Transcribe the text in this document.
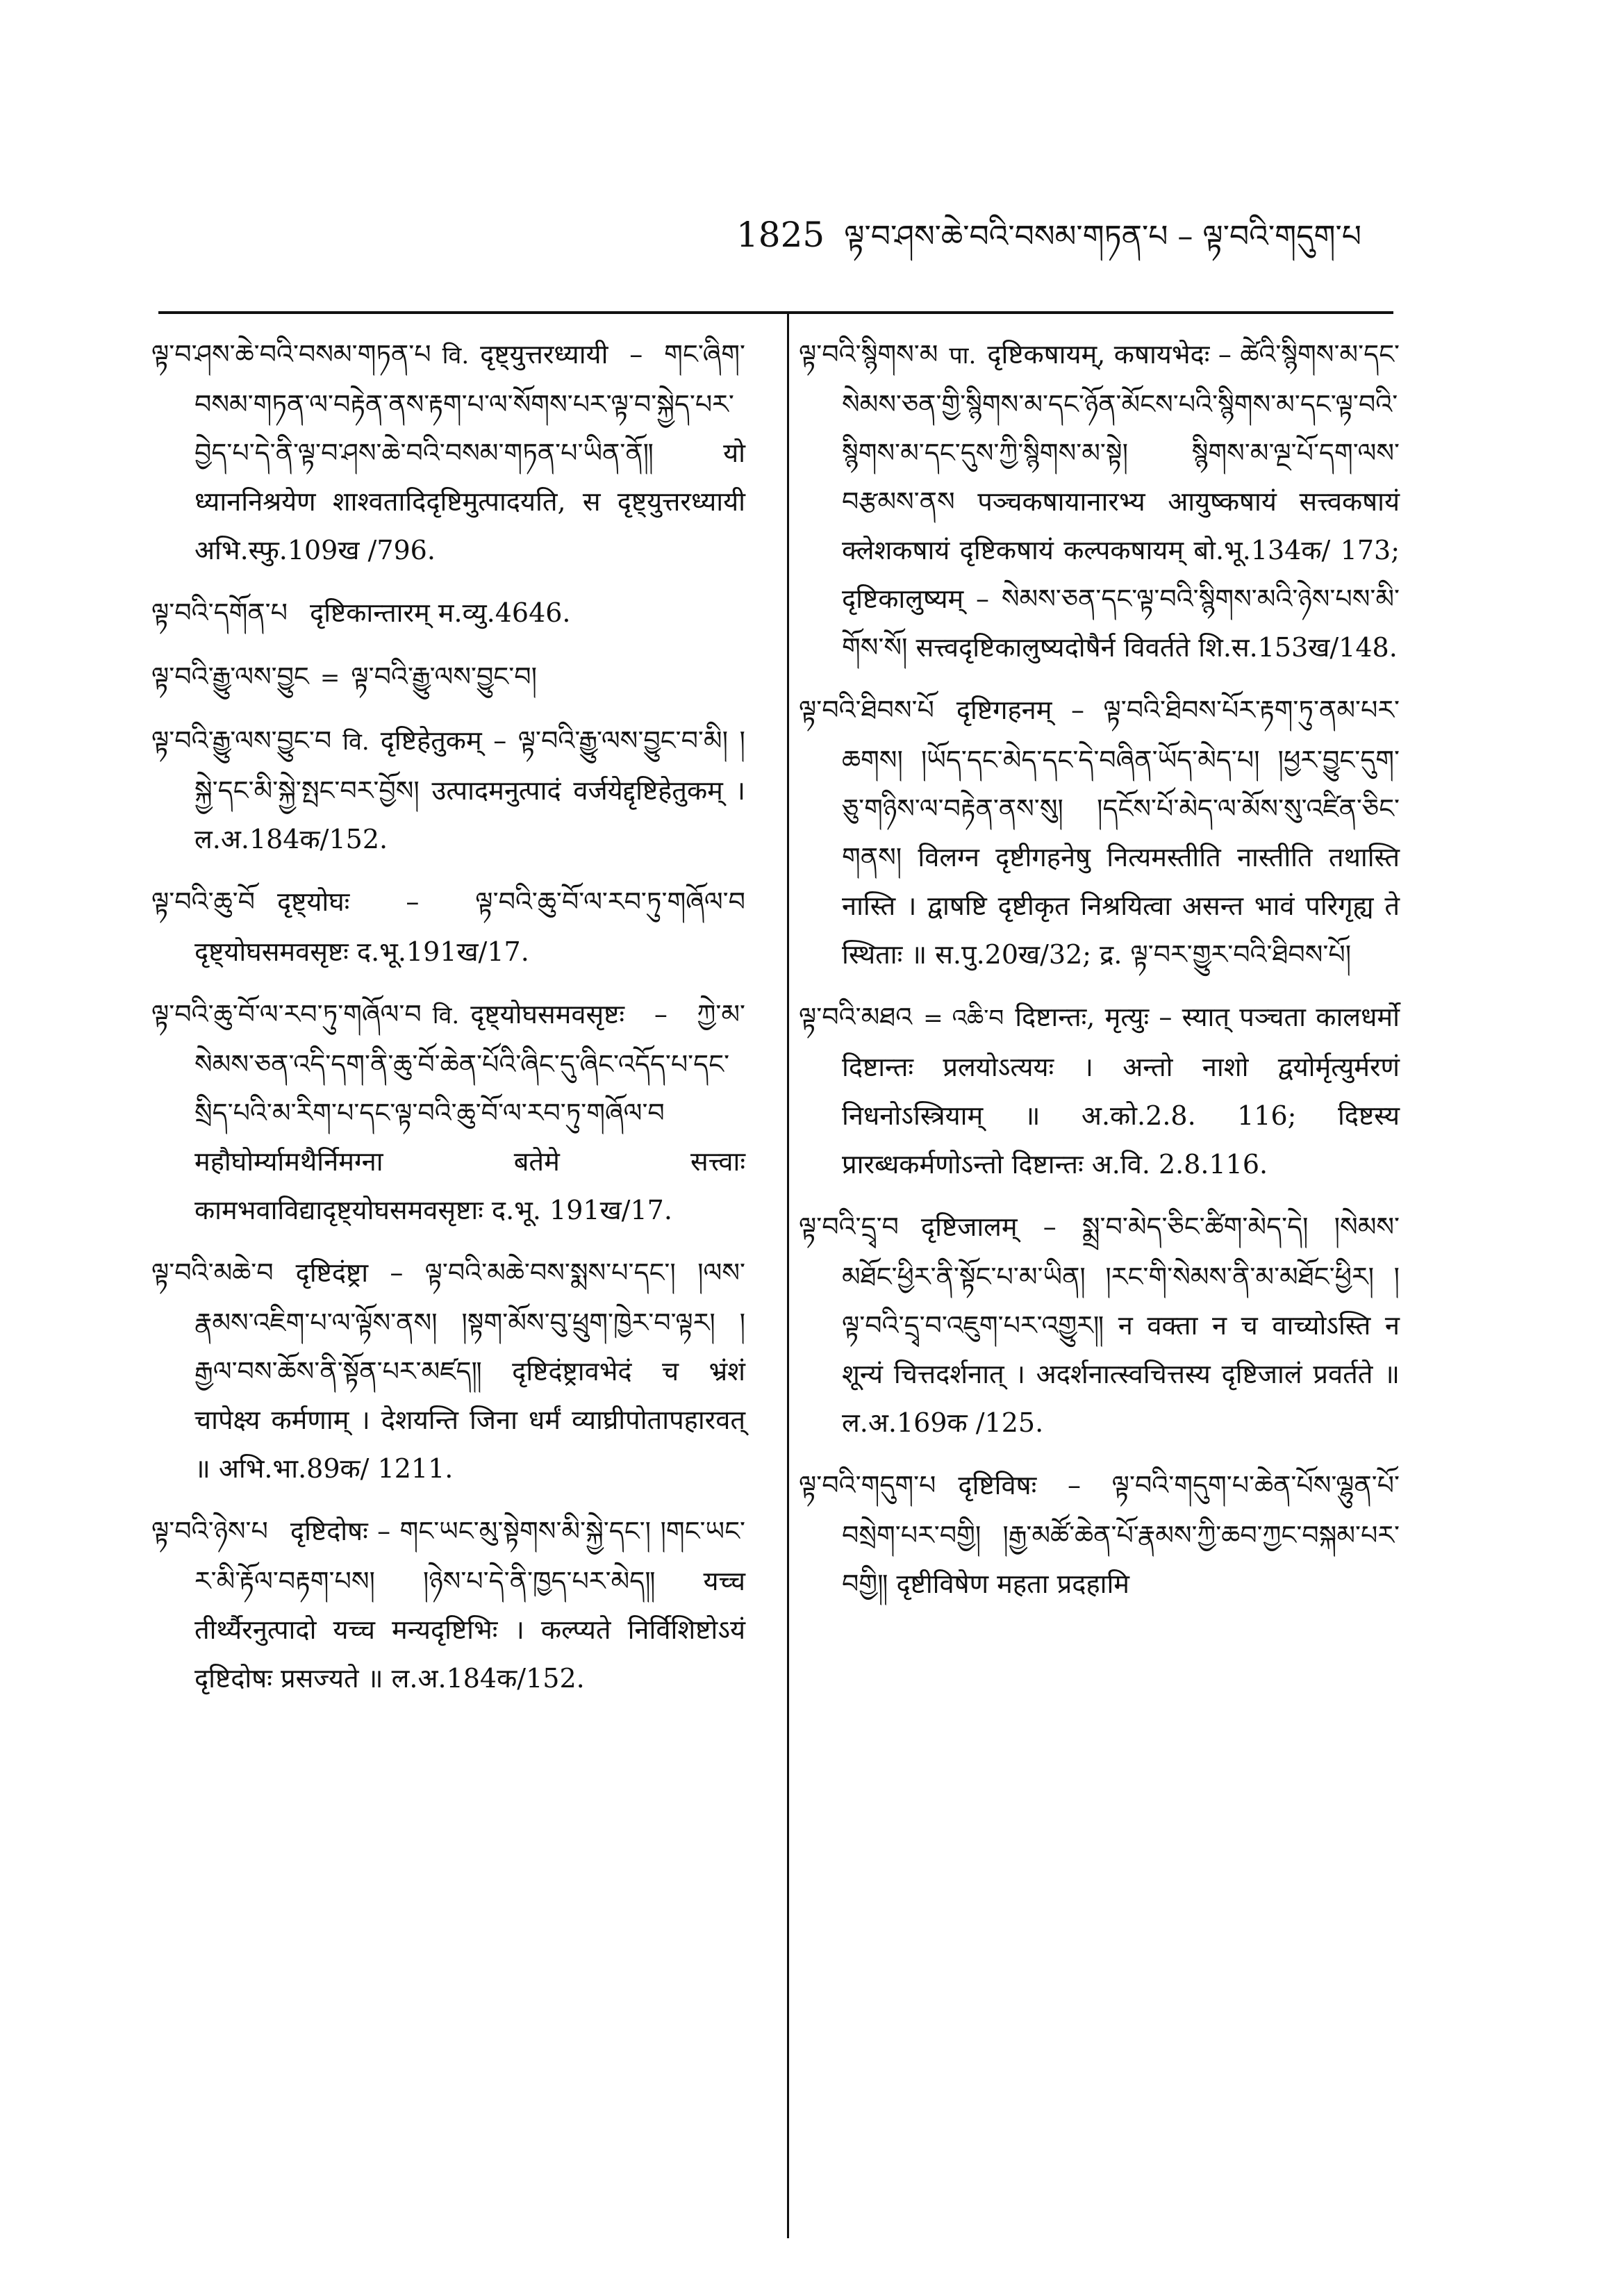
1825 ལྟ་བ་ཤས་ཆེ་བའི་བསམ་གཏན་པ – ལྟ་བའི་གདུག་པ
ལྟ་བ་ཤས་ཆེ་བའི་བསམ་གཏན་པ वि. दृष्ट्युत्तरध्यायी – གང་ཞིག་བསམ་གཏན་ལ་བརྟེན་ནས་རྟག་པ་ལ་སོགས་པར་ལྟ་བ་སྐྱེད་པར་བྱེད་པ་དེ་ནི་ལྟ་བ་ཤས་ཆེ་བའི་བསམ་གཏན་པ་ཡིན་ནོ༎ यो ध्याननिश्रयेण शाश्वतादिदृष्टिमुत्पादयति, स दृष्ट्युत्तरध्यायी अभि.स्फु.109ख /796.
ལྟ་བའི་དགོན་པ दृष्टिकान्तारम् म.व्यु.4646.
ལྟ་བའི་རྒྱུ་ལས་བྱུང = ལྟ་བའི་རྒྱུ་ལས་བྱུང་བ།
ལྟ་བའི་རྒྱུ་ལས་བྱུང་བ वि. दृष्टिहेतुकम् – ལྟ་བའི་རྒྱུ་ལས་བྱུང་བ་མི། །སྐྱེ་དང་མི་སྐྱེ་སྤང་བར་བྱོས། उत्पादमनुत्पादं वर्जयेद्दृष्टिहेतुकम् । ल.अ.184क/152.
ལྟ་བའི་ཆུ་བོ दृष्ट्योघः – ལྟ་བའི་ཆུ་བོ་ལ་རབ་ཏུ་གཞོལ་བ दृष्ट्योघसमवसृष्टः द.भू.191ख/17.
ལྟ་བའི་ཆུ་བོ་ལ་རབ་ཏུ་གཞོལ་བ वि. दृष्ट्योघसमवसृष्टः – ཀྱེ་མ་སེམས་ཅན་འདི་དག་ནི་ཆུ་བོ་ཆེན་པོའི་ཞིང་དུ་ཞིང་འདོད་པ་དང་སྲིད་པའི་མ་རིག་པ་དང་ལྟ་བའི་ཆུ་བོ་ལ་རབ་ཏུ་གཞོལ་བ महौघोर्म्यामथैर्निमग्ना बतेमे सत्त्वाः कामभवाविद्यादृष्ट्योघसमवसृष्टाः द.भू. 191ख/17.
ལྟ་བའི་མཆེ་བ दृष्टिदंष्ट्रा – ལྟ་བའི་མཆེ་བས་སྨས་པ་དང་། །ལས་རྣམས་འཇིག་པ་ལ་ལྟོས་ནས། །སྟག་མོས་བུ་ཕྲུག་ཁྱེར་བ་ལྟར། །རྒྱལ་བས་ཆོས་ནི་སྟོན་པར་མཛད༎ दृष्टिदंष्ट्रावभेदं च भ्रंशं चापेक्ष्य कर्मणाम् । देशयन्ति जिना धर्मं व्याघ्रीपोतापहारवत् ॥ अभि.भा.89क/ 1211.
ལྟ་བའི་ཉེས་པ दृष्टिदोषः – གང་ཡང་མུ་སྟེགས་མི་སྐྱེ་དང་། །གང་ཡང་ར་མི་རྟོལ་བརྟག་པས། །ཉེས་པ་དེ་ནི་ཁྱད་པར་མེད༎ यच्च तीर्थ्यैरनुत्पादो यच्च मन्यदृष्टिभिः । कल्प्यते निर्विशिष्टोऽयं दृष्टिदोषः प्रसज्यते ॥ ल.अ.184क/152.
ལྟ་བའི་སྙིགས་མ पा. दृष्टिकषायम्, कषायभेदः – ཚེའི་སྙིགས་མ་དང་སེམས་ཅན་གྱི་སྙིགས་མ་དང་ཉོན་མོངས་པའི་སྙིགས་མ་དང་ལྟ་བའི་སྙིགས་མ་དང་དུས་ཀྱི་སྙིགས་མ་སྟེ། སྙིགས་མ་ལྔ་པོ་དག་ལས་བརྩམས་ནས पञ्चकषायानारभ्य आयुष्कषायं सत्त्वकषायं क्लेशकषायं दृष्टिकषायं कल्पकषायम् बो.भू.134क/ 173; दृष्टिकालुष्यम् – སེམས་ཅན་དང་ལྟ་བའི་སྙིགས་མའི་ཉེས་པས་མི་གོས་སོ། सत्त्वदृष्टिकालुष्यदोषैर्न विवर्तते शि.स.153ख/148.
ལྟ་བའི་ཐིབས་པོ दृष्टिगहनम् – ལྟ་བའི་ཐིབས་པོར་རྟག་ཏུ་ནམ་པར་ཆགས། །ཡོད་དང་མེད་དང་དེ་བཞིན་ཡོད་མེད་པ། །ཕྱར་བྱུང་དུག་ཅུ་གཉིས་ལ་བརྟེན་ནས་སུ། །དངོས་པོ་མེད་ལ་མོས་སུ་འཛིན་ཅིང་གནས། विलग्न दृष्टीगहनेषु नित्यमस्तीति नास्तीति तथास्ति नास्ति । द्वाषष्टि दृष्टीकृत निश्रयित्वा असन्त भावं परिगृह्य ते स्थिताः ॥ स.पु.20ख/32; द्र. ལྟ་བར་གྱུར་བའི་ཐིབས་པོ།
ལྟ་བའི་མཐའ = འཆི་བ दिष्टान्तः, मृत्युः – स्यात् पञ्चता कालधर्मो दिष्टान्तः प्रलयोऽत्ययः । अन्तो नाशो द्वयोर्मृत्युर्मरणं निधनोऽस्त्रियाम् ॥ अ.को.2.8. 116; दिष्टस्य प्रारब्धकर्मणोऽन्तो दिष्टान्तः अ.वि. 2.8.116.
ལྟ་བའི་དྲྭ་བ दृष्टिजालम् – སྨྲ་བ་མེད་ཅིང་ཚིག་མེད་དེ། །སེམས་མཐོང་ཕྱིར་ནི་སྟོང་པ་མ་ཡིན། །རང་གི་སེམས་ནི་མ་མཐོང་ཕྱིར། །ལྟ་བའི་དྲྭ་བ་འཇུག་པར་འགྱུར༎ न वक्ता न च वाच्योऽस्ति न शून्यं चित्तदर्शनात् । अदर्शनात्स्वचित्तस्य दृष्टिजालं प्रवर्तते ॥ ल.अ.169क /125.
ལྟ་བའི་གདུག་པ दृष्टिविषः – ལྟ་བའི་གདུག་པ་ཆེན་པོས་ལྷུན་པོ་བསྲེག་པར་བགྱི། །རྒྱ་མཚོ་ཆེན་པོ་རྣམས་ཀྱི་ཆབ་ཀྱང་བསྐམ་པར་བགྱི༎ दृष्टीविषेण महता प्रदहामि
